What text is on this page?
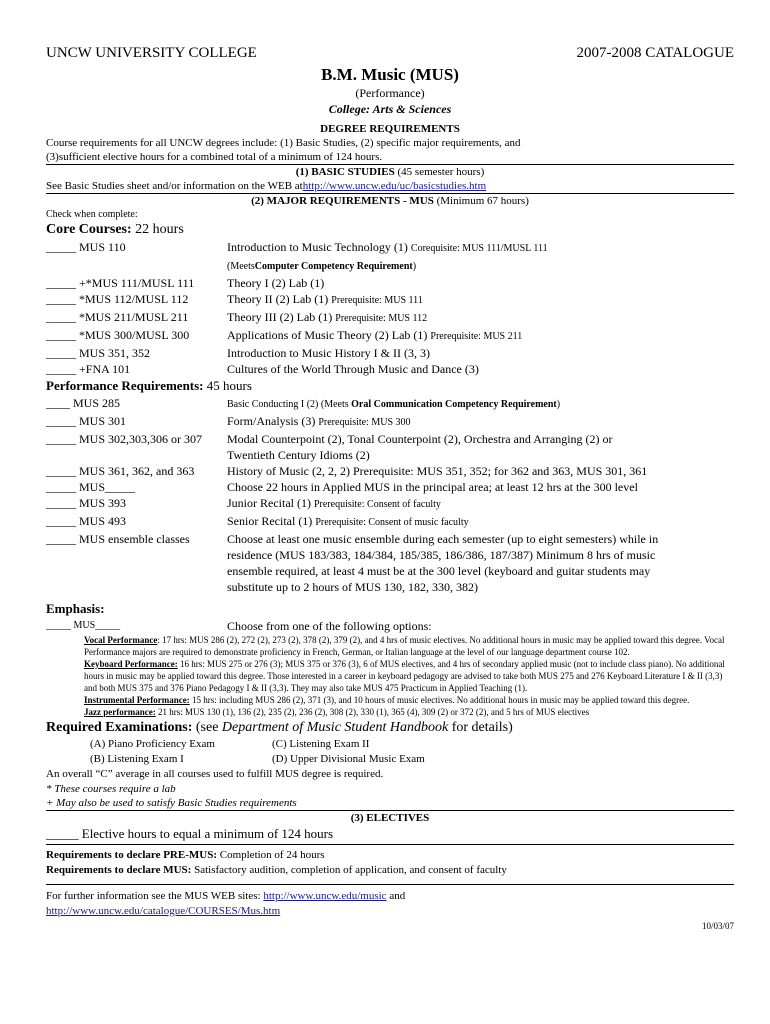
UNCW UNIVERSITY COLLEGE	2007-2008 CATALOGUE
B.M. Music (MUS)
(Performance)
College: Arts & Sciences
DEGREE REQUIREMENTS
Course requirements for all UNCW degrees include: (1) Basic Studies, (2) specific major requirements, and
(3)sufficient elective hours for a combined total of a minimum of 124 hours.
(1) BASIC STUDIES (45 semester hours)
See Basic Studies sheet and/or information on the WEB athttp://www.uncw.edu/uc/basicstudies.htm
(2) MAJOR REQUIREMENTS - MUS (Minimum 67 hours)
Check when complete:
Core Courses: 22 hours
_____ MUS 110	Introduction to Music Technology (1) Corequisite: MUS 111/MUSL 111
(MeetsComputer Competency Requirement)
_____ +*MUS 111/MUSL 111	Theory I (2) Lab (1)
_____ *MUS 112/MUSL 112	Theory II (2) Lab (1) Prerequisite: MUS 111
_____ *MUS 211/MUSL 211	Theory III (2) Lab (1) Prerequisite: MUS 112
_____ *MUS 300/MUSL 300	Applications of Music Theory (2) Lab (1) Prerequisite: MUS 211
_____ MUS 351, 352	Introduction to Music History I & II (3, 3)
_____ +FNA 101	Cultures of the World Through Music and Dance (3)
Performance Requirements: 45 hours
____ MUS 285	Basic Conducting I (2) (Meets Oral Communication Competency Requirement)
_____ MUS 301	Form/Analysis (3) Prerequisite: MUS 300
_____ MUS 302,303,306 or 307	Modal Counterpoint (2), Tonal Counterpoint (2), Orchestra and Arranging (2) or
Twentieth Century Idioms (2)
_____ MUS 361, 362, and 363	History of Music (2, 2, 2) Prerequisite: MUS 351, 352; for 362 and 363, MUS 301, 361
_____ MUS_____	Choose 22 hours in Applied MUS in the principal area; at least 12 hrs at the 300 level
_____ MUS 393	Junior Recital (1) Prerequisite: Consent of faculty
_____ MUS 493	Senior Recital (1) Prerequisite: Consent of music faculty
_____ MUS ensemble classes	Choose at least one music ensemble during each semester (up to eight semesters) while in
residence (MUS 183/383, 184/384, 185/385, 186/386, 187/387) Minimum 8 hrs of music
ensemble required, at least 4 must be at the 300 level (keyboard and guitar students may
substitute up to 2 hours of MUS 130, 182, 330, 382)
Emphasis:
_____ MUS_____	Choose from one of the following options:
Vocal Performance: 17 hrs: MUS 286 (2), 272 (2), 273 (2), 378 (2), 379 (2), and 4 hrs of music electives. No additional hours in music may be applied toward this degree. Vocal Performance majors are required to demonstrate proficiency in French, German, or Italian language at the level of our language department course 102.
Keyboard Performance: 16 hrs: MUS 275 or 276 (3); MUS 375 or 376 (3), 6 of MUS electives, and 4 hrs of secondary applied music (not to include class piano). No additional hours in music may be applied toward this degree. Those interested in a career in keyboard pedagogy are advised to take both MUS 275 and 276 Keyboard Literature I & II (3,3) and both MUS 375 and 376 Piano Pedagogy I & II (3,3). They may also take MUS 475 Practicum in Applied Teaching (1).
Instrumental Performance: 15 hrs: including MUS 286 (2), 371 (3), and 10 hours of music electives. No additional hours in music may be applied toward this degree.
Jazz performance: 21 hrs: MUS 130 (1), 136 (2), 235 (2), 236 (2), 308 (2), 330 (1), 365 (4), 309 (2) or 372 (2), and 5 hrs of MUS electives
Required Examinations: (see Department of Music Student Handbook for details)
(A) Piano Proficiency Exam	(C) Listening Exam II
(B) Listening Exam I	(D) Upper Divisional Music Exam
An overall “C” average in all courses used to fulfill MUS degree is required.
* These courses require a lab
+ May also be used to satisfy Basic Studies requirements
(3) ELECTIVES
_____ Elective hours to equal a minimum of 124 hours
Requirements to declare PRE-MUS: Completion of 24 hours
Requirements to declare MUS: Satisfactory audition, completion of application, and consent of faculty
For further information see the MUS WEB sites: http://www.uncw.edu/music and
http://www.uncw.edu/catalogue/COURSES/Mus.htm
10/03/07
